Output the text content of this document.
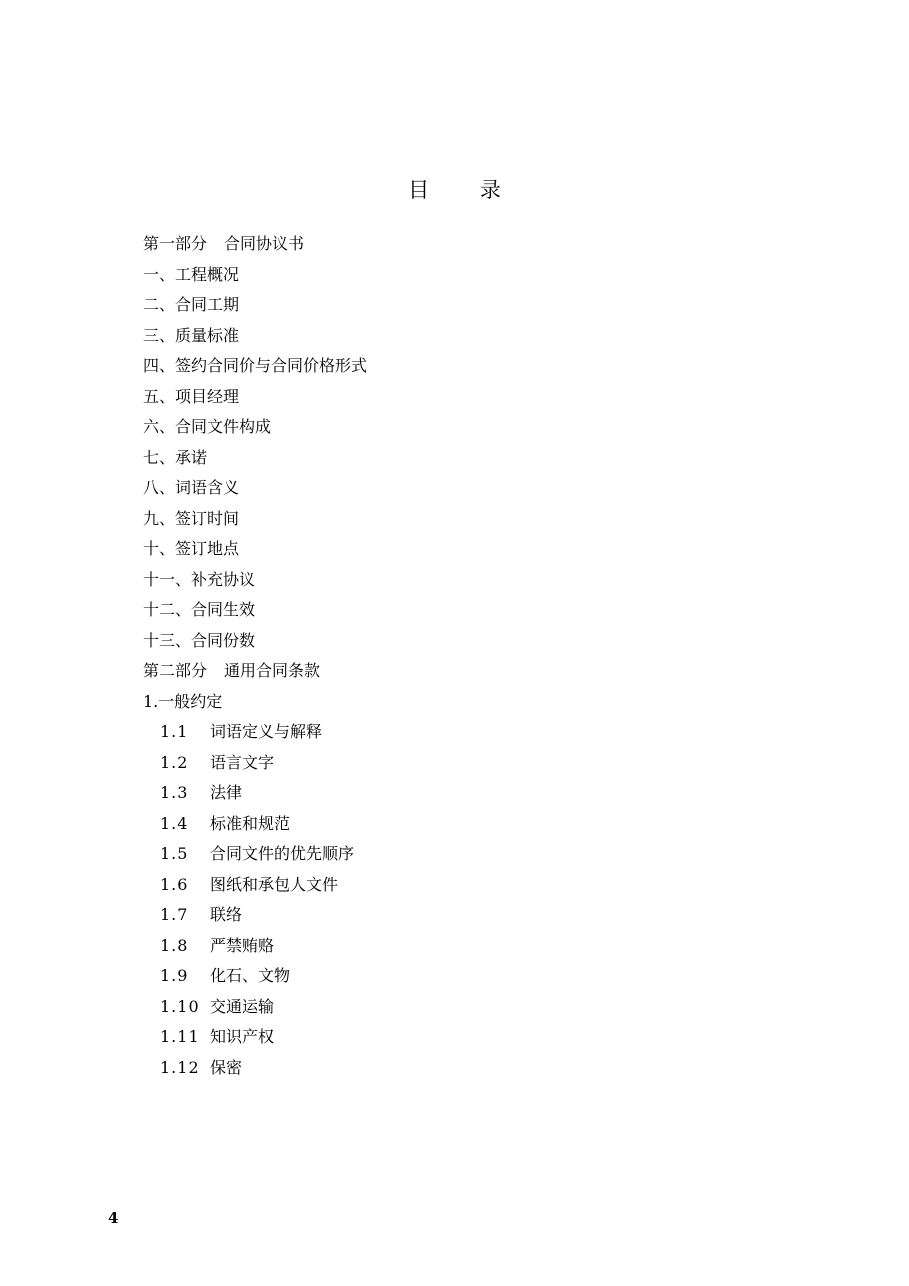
目 录
第一部分 合同协议书
一、工程概况
二、合同工期
三、质量标准
四、签约合同价与合同价格形式
五、项目经理
六、合同文件构成
七、承诺
八、词语含义
九、签订时间
十、签订地点
十一、补充协议
十二、合同生效
十三、合同份数
第二部分 通用合同条款
1.一般约定
1.1 词语定义与解释
1.2 语言文字
1.3 法律
1.4 标准和规范
1.5 合同文件的优先顺序
1.6 图纸和承包人文件
1.7 联络
1.8 严禁贿赂
1.9 化石、文物
1.10 交通运输
1.11 知识产权
1.12 保密
4
